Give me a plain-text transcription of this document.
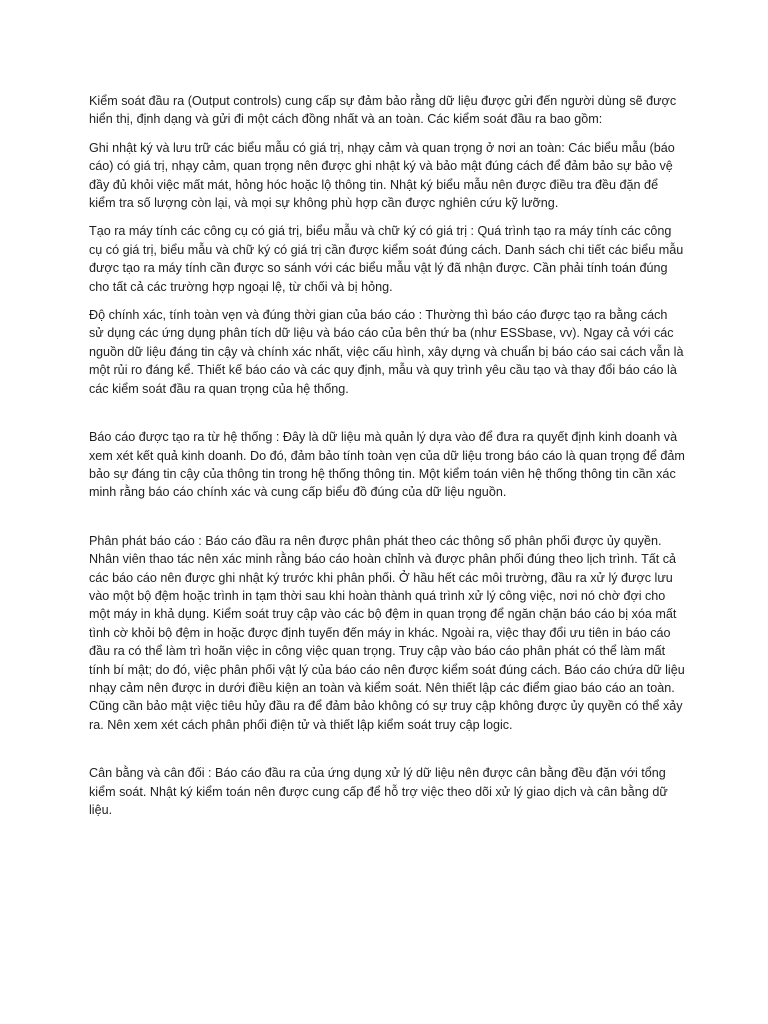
Kiểm soát đầu ra (Output controls) cung cấp sự đảm bảo rằng dữ liệu được gửi đến người dùng sẽ được hiển thị, định dạng và gửi đi một cách đồng nhất và an toàn. Các kiểm soát đầu ra bao gồm:

Ghi nhật ký và lưu trữ các biểu mẫu có giá trị, nhạy cảm và quan trọng ở nơi an toàn: Các biểu mẫu (báo cáo) có giá trị, nhạy cảm, quan trọng nên được ghi nhật ký và bảo mật đúng cách để đảm bảo sự bảo vệ đầy đủ khỏi việc mất mát, hỏng hóc hoặc lộ thông tin. Nhật ký biểu mẫu nên được điều tra đều đặn để kiểm tra số lượng còn lại, và mọi sự không phù hợp cần được nghiên cứu kỹ lưỡng.

Tạo ra máy tính các công cụ có giá trị, biểu mẫu và chữ ký có giá trị : Quá trình tạo ra máy tính các công cụ có giá trị, biểu mẫu và chữ ký có giá trị cần được kiểm soát đúng cách. Danh sách chi tiết các biểu mẫu được tạo ra máy tính cần được so sánh với các biểu mẫu vật lý đã nhận được. Cần phải tính toán đúng cho tất cả các trường hợp ngoại lệ, từ chối và bị hỏng.

Độ chính xác, tính toàn vẹn và đúng thời gian của báo cáo : Thường thì báo cáo được tạo ra bằng cách sử dụng các ứng dụng phân tích dữ liệu và báo cáo của bên thứ ba (như ESSbase, vv). Ngay cả với các nguồn dữ liệu đáng tin cậy và chính xác nhất, việc cấu hình, xây dựng và chuẩn bị báo cáo sai cách vẫn là một rủi ro đáng kể. Thiết kế báo cáo và các quy định, mẫu và quy trình yêu cầu tạo và thay đổi báo cáo là các kiểm soát đầu ra quan trọng của hệ thống.

Báo cáo được tạo ra từ hệ thống : Đây là dữ liệu mà quản lý dựa vào để đưa ra quyết định kinh doanh và xem xét kết quả kinh doanh. Do đó, đảm bảo tính toàn vẹn của dữ liệu trong báo cáo là quan trọng để đảm bảo sự đáng tin cậy của thông tin trong hệ thống thông tin. Một kiểm toán viên hệ thống thông tin cần xác minh rằng báo cáo chính xác và cung cấp biểu đồ đúng của dữ liệu nguồn.

Phân phát báo cáo : Báo cáo đầu ra nên được phân phát theo các thông số phân phối được ủy quyền. Nhân viên thao tác nên xác minh rằng báo cáo hoàn chỉnh và được phân phối đúng theo lịch trình. Tất cả các báo cáo nên được ghi nhật ký trước khi phân phối. Ở hầu hết các môi trường, đầu ra xử lý được lưu vào một bộ đệm hoặc trình in tạm thời sau khi hoàn thành quá trình xử lý công việc, nơi nó chờ đợi cho một máy in khả dụng. Kiểm soát truy cập vào các bộ đệm in quan trọng để ngăn chặn báo cáo bị xóa mất tình cờ khỏi bộ đệm in hoặc được định tuyến đến máy in khác. Ngoài ra, việc thay đổi ưu tiên in báo cáo đầu ra có thể làm trì hoãn việc in công việc quan trọng. Truy cập vào báo cáo phân phát có thể làm mất tính bí mật; do đó, việc phân phối vật lý của báo cáo nên được kiểm soát đúng cách. Báo cáo chứa dữ liệu nhạy cảm nên được in dưới điều kiện an toàn và kiểm soát. Nên thiết lập các điểm giao báo cáo an toàn. Cũng cần bảo mật việc tiêu hủy đầu ra để đảm bảo không có sự truy cập không được ủy quyền có thể xảy ra. Nên xem xét cách phân phối điện tử và thiết lập kiểm soát truy cập logic.

Cân bằng và cân đối : Báo cáo đầu ra của ứng dụng xử lý dữ liệu nên được cân bằng đều đặn với tổng kiểm soát. Nhật ký kiểm toán nên được cung cấp để hỗ trợ việc theo dõi xử lý giao dịch và cân bằng dữ liệu.
